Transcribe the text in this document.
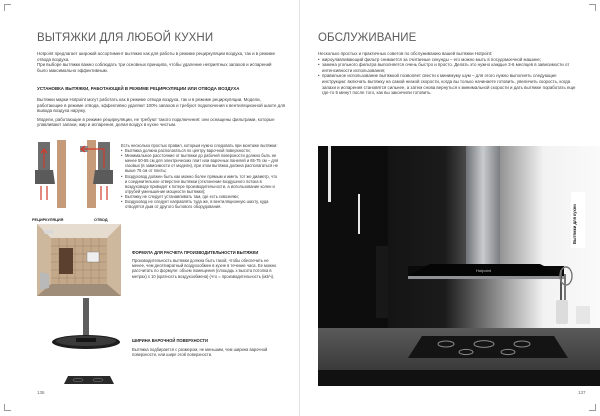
ВЫТЯЖКИ ДЛЯ ЛЮБОЙ КУХНИ

Hotpoint предлагает широкий ассортимент вытяжек как для работы в режиме рециркуляции воздуха, так и в режиме отвода воздуха.

При выборе вытяжки важно соблюдать три основных принципа, чтобы удаление неприятных запахов и испарений было максимально эффективным.

УСТАНОВКА ВЫТЯЖКИ, РАБОТАЮЩЕЙ В РЕЖИМЕ РЕЦИРКУЛЯЦИИ ИЛИ ОТВОДА ВОЗДУХА

Вытяжки марки Hotpoint могут работать как в режиме отвода воздуха, так и в режиме рециркуляции. Модели, работающие в режиме отвода, эффективно удаляют 100% запахов и требуют подключения к вентиляционной шахте для вывода воздуха наружу.

Модели, работающие в режиме рециркуляции, не требуют такого подключения: они оснащены фильтрами, которые улавливают запахи, жир и испарения, делая воздух в кухне чистым.

РЕЦИРКУЛЯЦИЯ	ОТВОД

Есть несколько простых правил, которым нужно следовать при монтаже вытяжки:

• Вытяжка должна располагаться по центру варочной поверхности;
• Минимальное расстояние от вытяжки до рабочей поверхности должно быть не менее 50-55 см для электрических плит или варочных панелей и 65-75 см – для газовых (в зависимости от модели), при этом вытяжка должна располагаться не выше 75 см от плиты;
• Воздуховод должен быть как можно более прямым и иметь тот же диаметр, что и соединительное отверстие вытяжки (отклонение воздушного потока в воздуховоде приводит к потере производительности, а использование колен и отрубей уменьшение мощности вытяжки);
• Вытяжку не следует устанавливать там, где есть сквозняки;
• Воздуховод не следует направлять туда же, в вентиляционную шахту, куда отводятся дым от другого бытового оборудования.
ФОРМУЛА ДЛЯ РАСЧЕТА ПРОИЗВОДИТЕЛЬНОСТИ ВЫТЯЖКИ
Производительность вытяжки должна быть такой, чтобы обеспечить не менее, чем десятикратный воздухообмен в кухне в течение часа. Ее можно рассчитать по формуле: объем помещения (площадь x высота потолка в метрах) x 10 (кратность воздухообмена) (что = производительность (м3/ч).
ШИРИНА ВАРОЧНОЙ ПОВЕРХНОСТИ
Вытяжка подбирается с размером, не меньшим, чем ширина варочной поверхности, или шире этой поверхности.
136
ОБСЛУЖИВАНИЕ

Несколько простых и практичных советов по обслуживанию вашей вытяжки Hotpoint:

• жироулавливающий фильтр снимается за считанные секунды – его можно мыть в посудомоечной машине;
• замена угольного фильтра выполняется очень быстро и просто. Делать это нужно каждые 3-6 месяцев в зависимости от интенсивности использования;
• правильное использование вытяжкой позволяет свести к минимуму шум – для этого нужно выполнять следующие инструкции: включать вытяжку на самой низкой скорости, когда вы только начинаете готовить, увеличить скорость, когда запахи и испарения становятся сильнее, а затем снова вернуться к минимальной скорости и дать вытяжке поработать еще где-то 5 минут после того, как вы закончили готовить.
Hotpoint
Вытяжки для кухни
137
